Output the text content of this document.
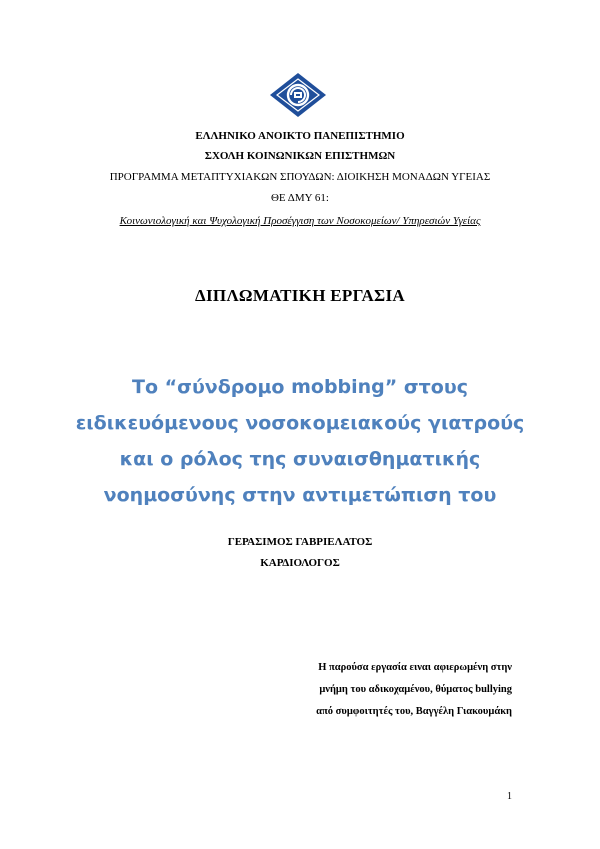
ΕΛΛΗΝΙΚΟ ΑΝΟΙΚΤΟ ΠΑΝΕΠΙΣΤΗΜΙΟ
ΣΧΟΛΗ ΚΟΙΝΩΝΙΚΩΝ ΕΠΙΣΤΗΜΩΝ
ΠΡΟΓΡΑΜΜΑ ΜΕΤΑΠΤΥΧΙΑΚΩΝ ΣΠΟΥΔΩΝ: ΔΙΟΙΚΗΣΗ ΜΟΝΑΔΩΝ ΥΓΕΙΑΣ
ΘΕ ΔΜΥ 61:
Κοινωνιολογική και Ψυχολογική Προσέγγιση των Νοσοκομείων/ Υπηρεσιών Υγείας
ΔΙΠΛΩΜΑΤΙΚΗ ΕΡΓΑΣΙΑ
Το “σύνδρομο mobbing” στους
ειδικευόμενους νοσοκομειακούς γιατρούς
και ο ρόλος της συναισθηματικής
νοημοσύνης στην αντιμετώπιση του
ΓΕΡΑΣΙΜΟΣ ΓΑΒΡΙΕΛΑΤΟΣ
ΚΑΡΔΙΟΛΟΓΟΣ
Η παρούσα εργασία ειναι αφιερωμένη στην
μνήμη του αδικοχαμένου, θύματος bullying
από συμφοιτητές του, Βαγγέλη Γιακουμάκη
1
